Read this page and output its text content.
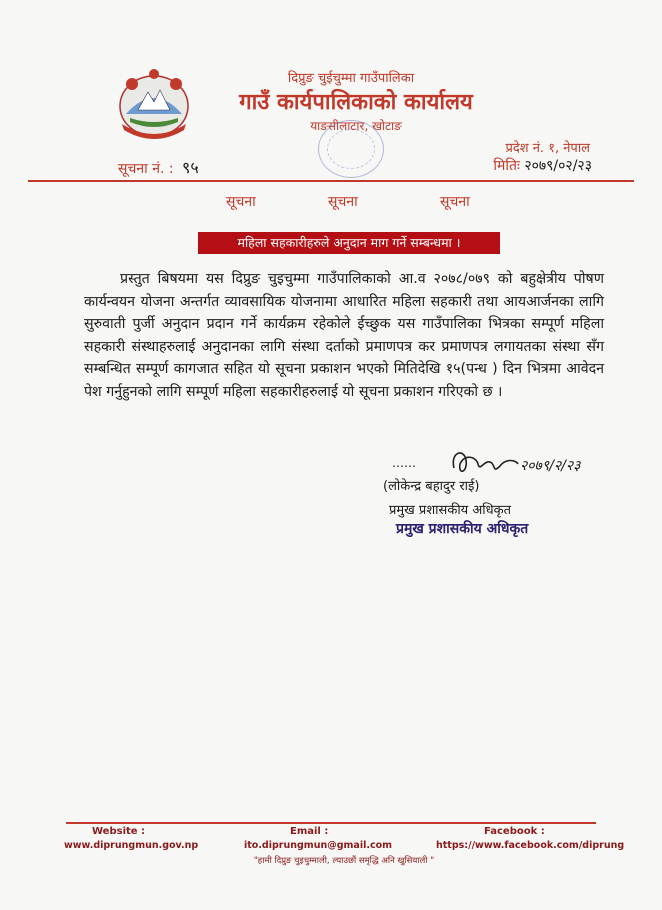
दिप्रुङ चुईचुम्मा गाउँपालिका
गाउँ कार्यपालिकाको कार्यालय
याङसीलाटार, खोटाङ
प्रदेश नं. १, नेपाल
सूचना नं. : ९५	मितिः २०७९/०२/२३
सूचना	सूचना	सूचना
महिला सहकारीहरुले अनुदान माग गर्ने सम्बन्धमा ।
प्रस्तुत बिषयमा यस दिप्रुङ चुइचुम्मा गाउँपालिकाको आ.व २०७८/०७९ को बहुक्षेत्रीय पोषण कार्यन्वयन योजना अन्तर्गत व्यावसायिक योजनामा आधारित महिला सहकारी तथा आयआर्जनका लागि सुरुवाती पुर्जी अनुदान प्रदान गर्ने कार्यक्रम रहेकोले ईच्छुक यस गाउँपालिका भित्रका सम्पूर्ण महिला सहकारी संस्थाहरुलाई अनुदानका लागि संस्था दर्ताको प्रमाणपत्र कर प्रमाणपत्र लगायतका संस्था सँग सम्बन्धित सम्पूर्ण कागजात सहित यो सूचना प्रकाशन भएको मितिदेखि १५(पन्ध ) दिन भित्रमा आवेदन पेश गर्नुहुनको लागि सम्पूर्ण महिला सहकारीहरुलाई यो सूचना प्रकाशन गरिएको छ ।
२०७९/२/२३
……
(लोकेन्द्र बहादुर राई)
प्रमुख प्रशासकीय अधिकृत
प्रमुख प्रशासकीय अधिकृत
Website :
www.diprungmun.gov.np
Email :
ito.diprungmun@gmail.com
Facebook :
https://www.facebook.com/diprung
"हामी दिप्रुङ चुइचुम्माली, ल्याउछौं समृद्धि अनि खुसियाली "
